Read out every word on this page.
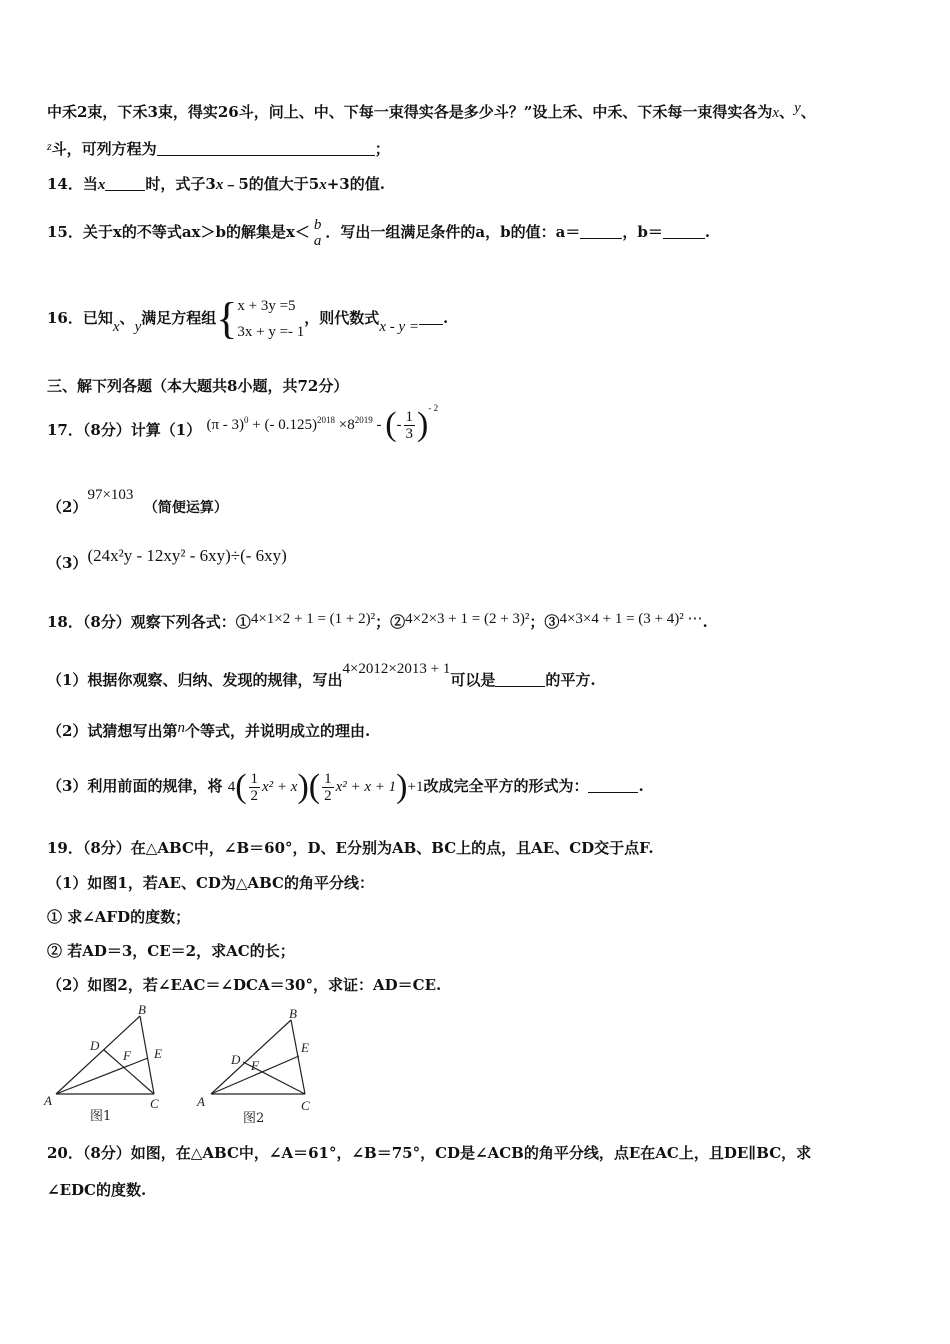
中禾2束，下禾3束，得实26斗，问上、中、下每一束得实各是多少斗？”设上禾、中禾、下禾每一束得实各为x、y、
$^z$斗，可列方程为	；
14．当x	时，式子3x﹣5的值大于5x+3的值.
15．关于x的不等式ax＞b的解集是x＜ b
a ．写出一组满足条件的a，b的值：a＝	，b＝	.
16．已知x、y满足方程组{ x + 3y =5
3x + y =- 1
，则代数式x - y = .
三、解下列各题（本大题共8小题，共72分）
17．（8分）计算（1） (π - 3)$^0$ + (- $0.125)^{2018} \times 8^{2019}$ - (- $\frac{1}{3} )^{- 2}$
（2）97×103  （简便运算）
（3）(24x²y - 12xy² - 6xy)÷(- 6xy)
18．（8分）观察下列各式：①4×1×2 + 1 = (1 + 2)²；②4×2×3 + 1 = (2 + 3)²；③4×3×4 + 1 = (3 + 4)² ⋯.
（1）根据你观察、归纳、发现的规律，写出4×2012×2013 + 1可以是	的平方.
（2）试猜想写出第n个等式，并说明成立的理由.
（3）利用前面的规律，将 4 ( $\frac{1}{2} x^2 + x$ ) ( $\frac{1}{2} x^2 + x + 1$ ) +1 改成完全平方的形式为：	.
19．（8分）在△ABC中，∠B＝60°，D、E分别为AB、BC上的点，且AE、CD交于点F.
（1）如图1，若AE、CD为△ABC的角平分线：
① 求∠AFD的度数；
② 若AD＝3，CE＝2，求AC的长；
（2）如图2，若∠EAC＝∠DCA＝30°，求证：AD＝CE.
A
B
C
D
E
F
图1
A
B
C
D
E
F
图2
20．（8分）如图，在△ABC中，∠A＝61°，∠B＝75°，CD是∠ACB的角平分线，点E在AC上，且DE∥BC，求
∠EDC的度数.
